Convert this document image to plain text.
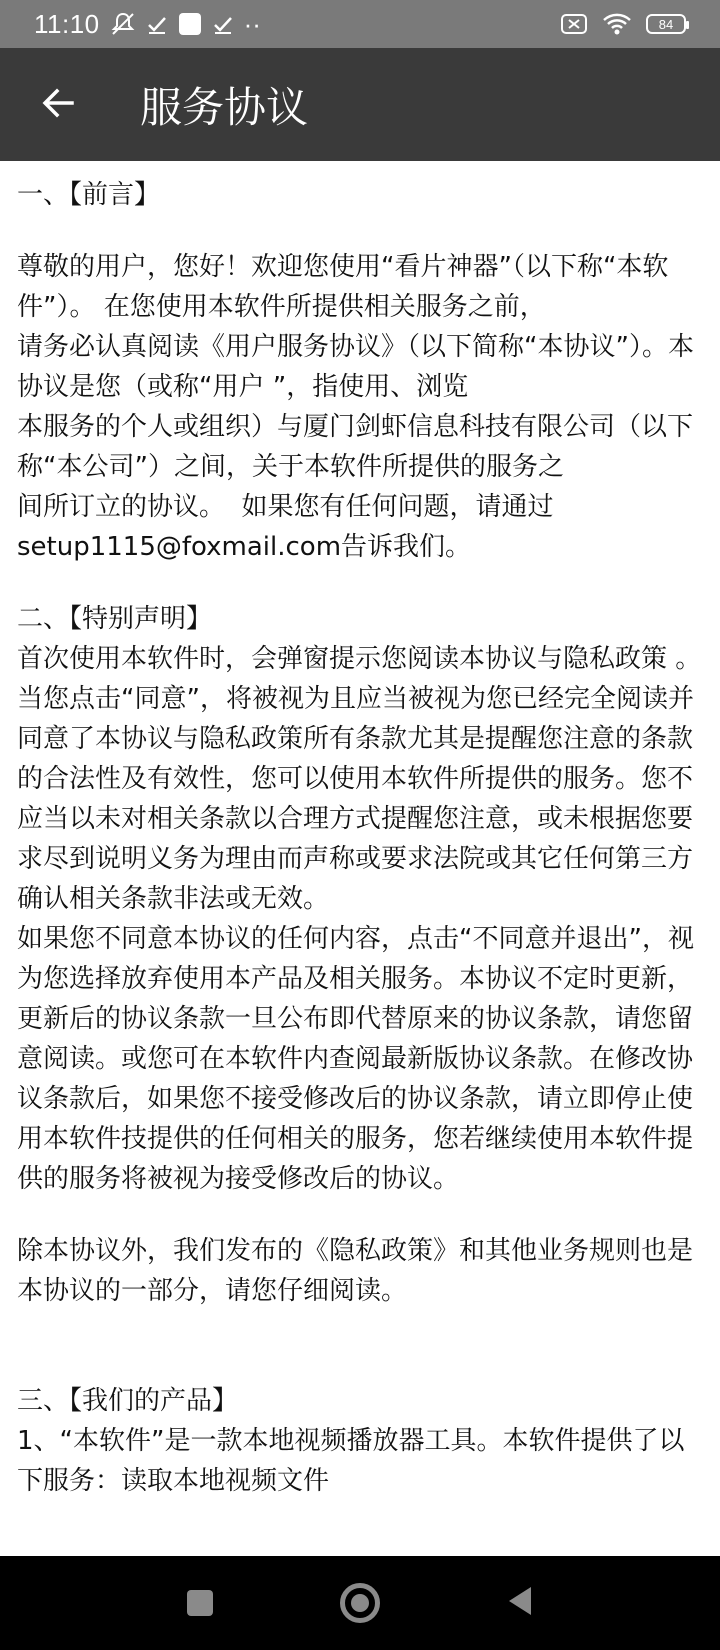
11:10	··	84
服务协议

一、【前言】

尊敬的用户，您好！欢迎您使用“看片神器”（以下称“本软件”）。 在您使用本软件所提供相关服务之前，
请务必认真阅读《用户服务协议》（以下简称“本协议”）。本协议是您（或称“用户 ”，指使用、浏览
本服务的个人或组织）与厦门剑虾信息科技有限公司（以下称“本公司”）之间，关于本软件所提供的服务之
间所订立的协议。  如果您有任何问题，请通过
setup1115@foxmail.com告诉我们。

二、【特别声明】

首次使用本软件时，会弹窗提示您阅读本协议与隐私政策 。当您点击“同意”，将被视为且应当被视为您已经完全阅读并同意了本协议与隐私政策所有条款尤其是提醒您注意的条款的合法性及有效性，您可以使用本软件所提供的服务。您不应当以未对相关条款以合理方式提醒您注意，或未根据您要求尽到说明义务为理由而声称或要求法院或其它任何第三方确认相关条款非法或无效。
如果您不同意本协议的任何内容，点击“不同意并退出”，视为您选择放弃使用本产品及相关服务。本协议不定时更新，更新后的协议条款一旦公布即代替原来的协议条款，请您留意阅读。或您可在本软件内查阅最新版协议条款。在修改协议条款后，如果您不接受修改后的协议条款，请立即停止使用本软件技提供的任何相关的服务，您若继续使用本软件提供的服务将被视为接受修改后的协议。

除本协议外，我们发布的《隐私政策》和其他业务规则也是本协议的一部分，请您仔细阅读。

三、【我们的产品】

1、“本软件”是一款本地视频播放器工具。本软件提供了以下服务：读取本地视频文件
